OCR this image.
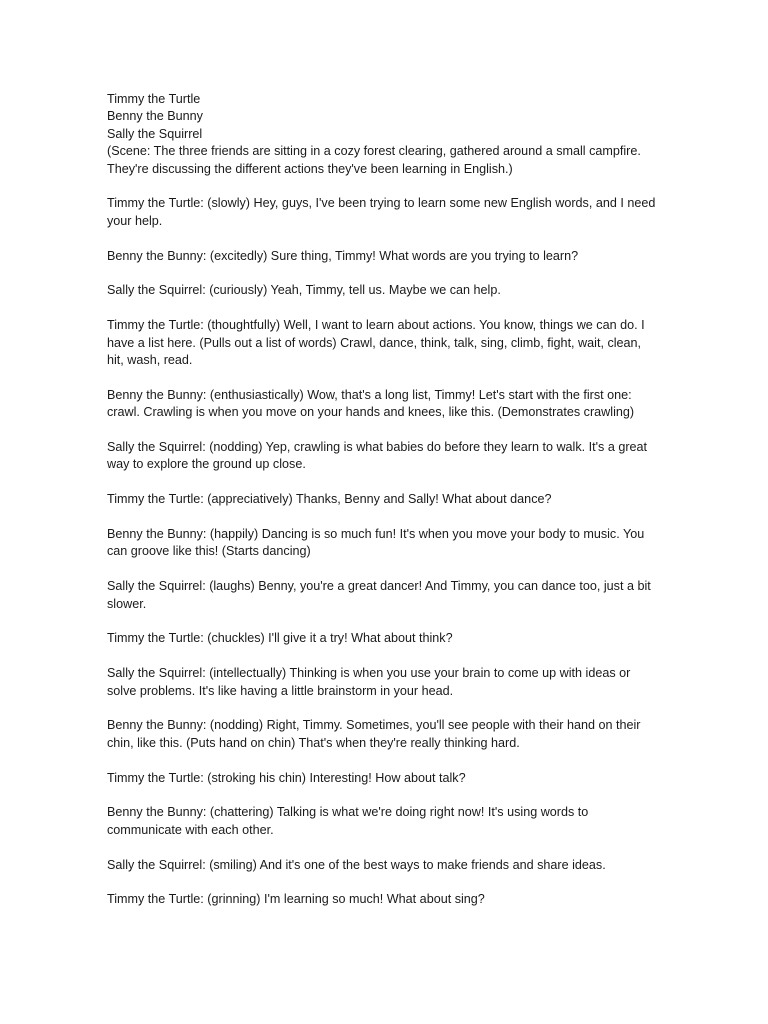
Timmy the Turtle

Benny the Bunny

Sally the Squirrel

(Scene: The three friends are sitting in a cozy forest clearing, gathered around a small campfire.

They're discussing the different actions they've been learning in English.)

Timmy the Turtle: (slowly) Hey, guys, I've been trying to learn some new English words, and I need

your help.

Benny the Bunny: (excitedly) Sure thing, Timmy! What words are you trying to learn?

Sally the Squirrel: (curiously) Yeah, Timmy, tell us. Maybe we can help.

Timmy the Turtle: (thoughtfully) Well, I want to learn about actions. You know, things we can do. I

have a list here. (Pulls out a list of words) Crawl, dance, think, talk, sing, climb, fight, wait, clean,

hit, wash, read.

Benny the Bunny: (enthusiastically) Wow, that's a long list, Timmy! Let's start with the first one:

crawl. Crawling is when you move on your hands and knees, like this. (Demonstrates crawling)

Sally the Squirrel: (nodding) Yep, crawling is what babies do before they learn to walk. It's a great

way to explore the ground up close.

Timmy the Turtle: (appreciatively) Thanks, Benny and Sally! What about dance?

Benny the Bunny: (happily) Dancing is so much fun! It's when you move your body to music. You

can groove like this! (Starts dancing)

Sally the Squirrel: (laughs) Benny, you're a great dancer! And Timmy, you can dance too, just a bit

slower.

Timmy the Turtle: (chuckles) I'll give it a try! What about think?

Sally the Squirrel: (intellectually) Thinking is when you use your brain to come up with ideas or

solve problems. It's like having a little brainstorm in your head.

Benny the Bunny: (nodding) Right, Timmy. Sometimes, you'll see people with their hand on their

chin, like this. (Puts hand on chin) That's when they're really thinking hard.

Timmy the Turtle: (stroking his chin) Interesting! How about talk?

Benny the Bunny: (chattering) Talking is what we're doing right now! It's using words to

communicate with each other.

Sally the Squirrel: (smiling) And it's one of the best ways to make friends and share ideas.

Timmy the Turtle: (grinning) I'm learning so much! What about sing?
